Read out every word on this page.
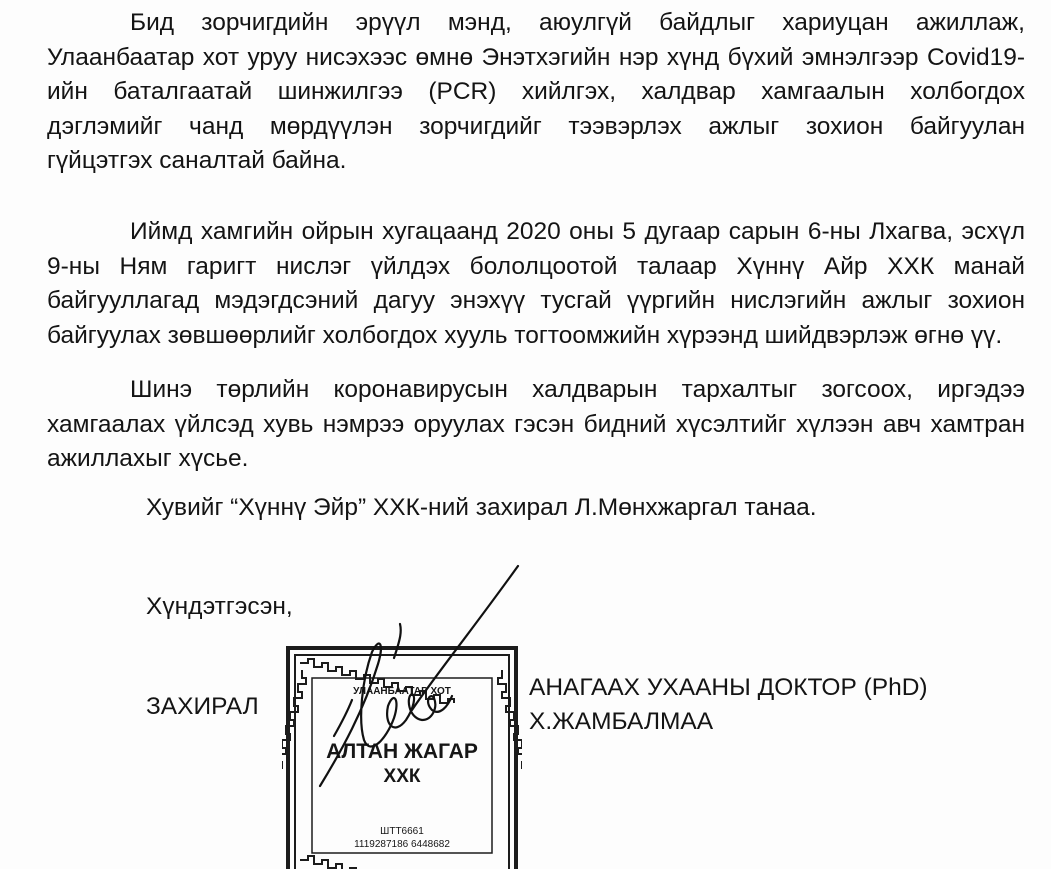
Бид зорчигдийн эрүүл мэнд, аюулгүй байдлыг хариуцан ажиллаж,
Улаанбаатар хот уруу нисэхээс өмнө Энэтхэгийн нэр хүнд бүхий эмнэлгээр Covid19-
ийн баталгаатай шинжилгээ (PCR) хийлгэх, халдвар хамгаалын холбогдох
дэглэмийг чанд мөрдүүлэн зорчигдийг тээвэрлэх ажлыг зохион байгуулан
гүйцэтгэх саналтай байна.
Иймд хамгийн ойрын хугацаанд 2020 оны 5 дугаар сарын 6-ны Лхагва, эсхүл
9-ны Ням гаригт нислэг үйлдэх бололцоотой талаар Хүннү Айр ХХК манай
байгууллагад мэдэгдсэний дагуу энэхүү тусгай үүргийн нислэгийн ажлыг зохион
байгуулах зөвшөөрлийг холбогдох хууль тогтоомжийн хүрээнд шийдвэрлэж өгнө үү.
Шинэ төрлийн коронавирусын халдварын тархалтыг зогсоох, иргэдээ
хамгаалах үйлсэд хувь нэмрээ оруулах гэсэн бидний хүсэлтийг хүлээн авч хамтран
ажиллахыг хүсье.

Хувийг “Хүннү Эйр” ХХК-ний захирал Л.Мөнхжаргал танаа.

Хүндэтгэсэн,

ЗАХИРАЛ

АНАГААХ УХААНЫ ДОКТОР (PhD)
Х.ЖАМБАЛМАА
УЛААНБААТАР ХОТ
АЛТАН ЖАГАР
ХХК
ШТТ6661
1119287186 6448682
